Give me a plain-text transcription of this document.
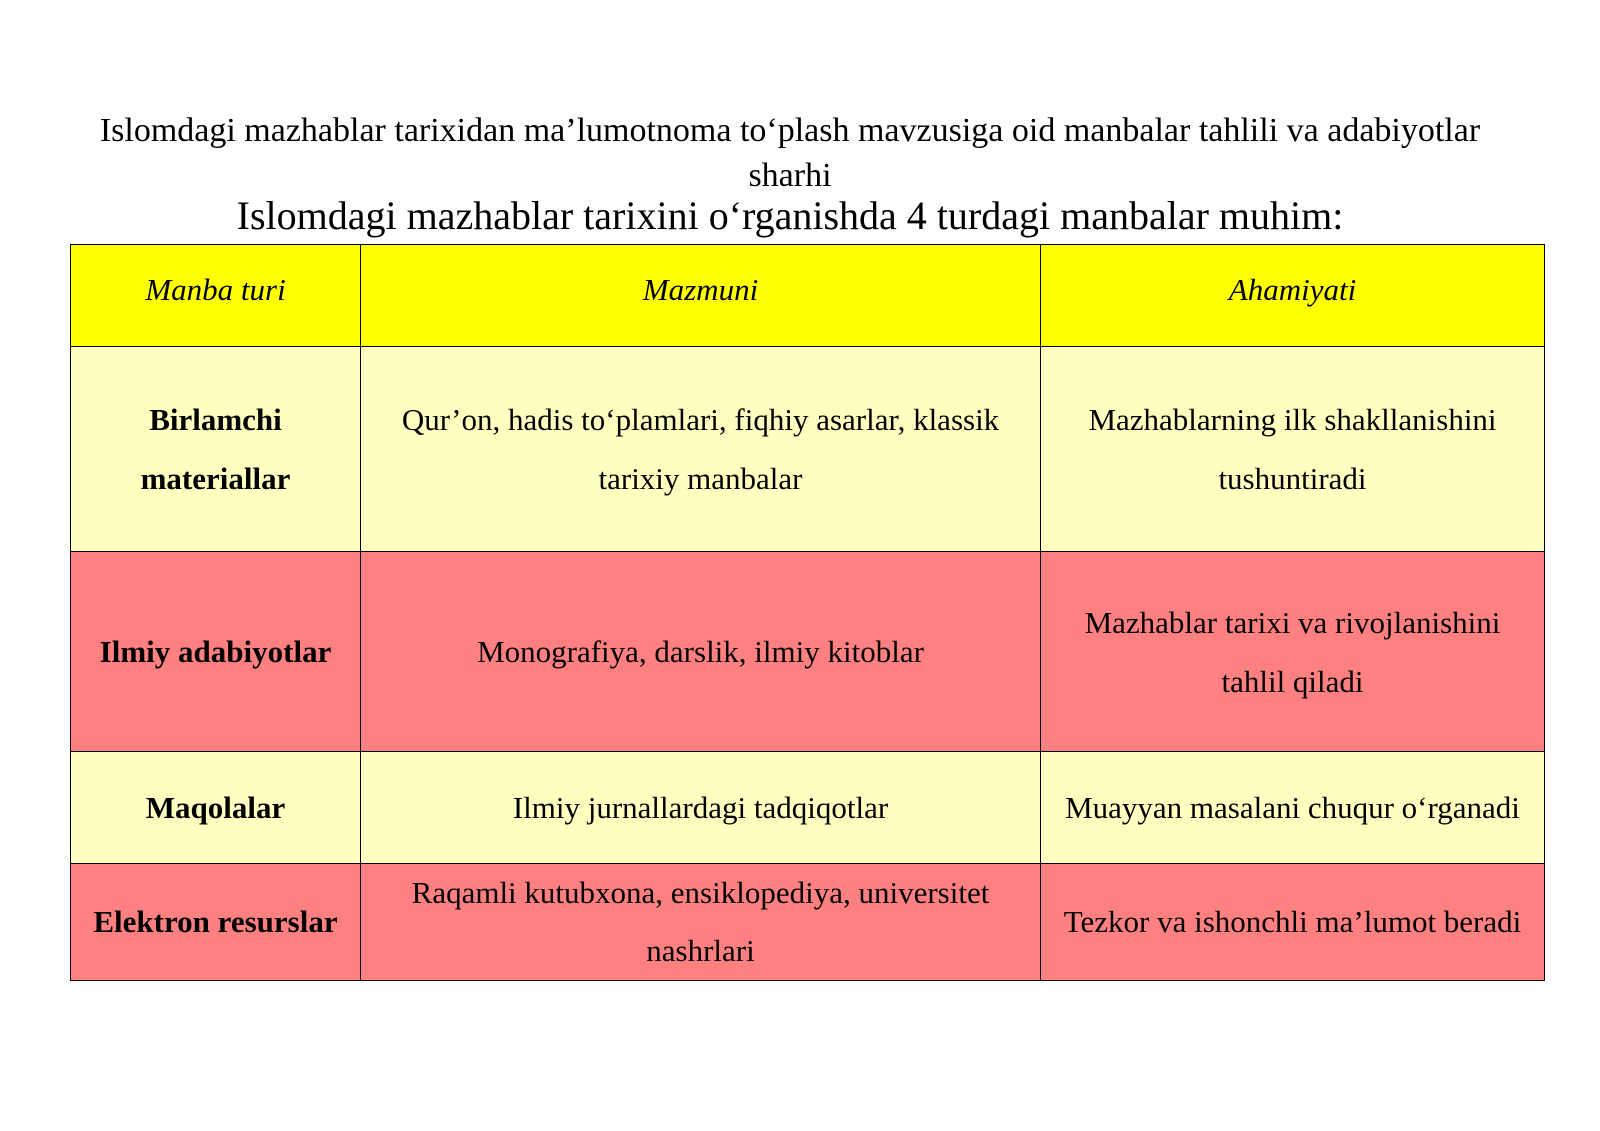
Islomdagi mazhablar tarixidan ma’lumotnoma to‘plash mavzusiga oid manbalar tahlili va adabiyotlar sharhi
Islomdagi mazhablar tarixini o‘rganishda 4 turdagi manbalar muhim:
Manba turi	Mazmuni	Ahamiyati
Birlamchi materiallar	Qur’on, hadis to‘plamlari, fiqhiy asarlar, klassik tarixiy manbalar	Mazhablarning ilk shakllanishini tushuntiradi
Ilmiy adabiyotlar	Monografiya, darslik, ilmiy kitoblar	Mazhablar tarixi va rivojlanishini tahlil qiladi
Maqolalar	Ilmiy jurnallardagi tadqiqotlar	Muayyan masalani chuqur o‘rganadi
Elektron resurslar	Raqamli kutubxona, ensiklopediya, universitet nashrlari	Tezkor va ishonchli ma’lumot beradi
